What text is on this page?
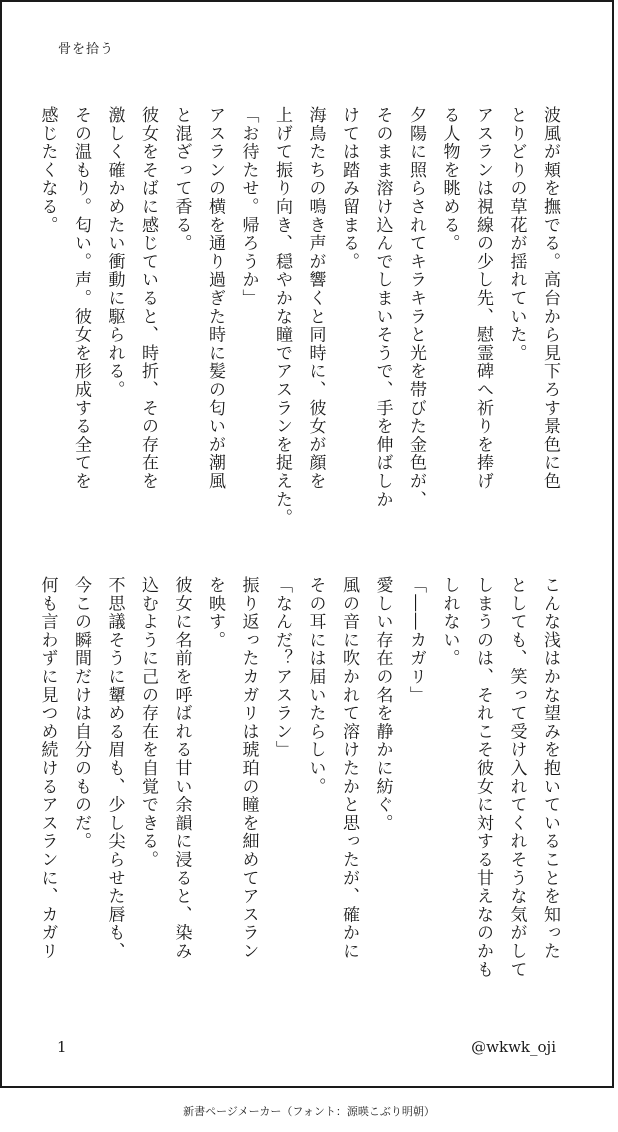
骨を拾う
波風が頬を撫でる。高台から見下ろす景色に色
とりどりの草花が揺れていた。
アスランは視線の少し先、慰霊碑へ祈りを捧げ
る人物を眺める。
夕陽に照らされてキラキラと光を帯びた金色が、
そのまま溶け込んでしまいそうで、手を伸ばしか
けては踏み留まる。
海鳥たちの鳴き声が響くと同時に、彼女が顔を
上げて振り向き、穏やかな瞳でアスランを捉えた。
「お待たせ。帰ろうか」
アスランの横を通り過ぎた時に髪の匂いが潮風
と混ざって香る。
彼女をそばに感じていると、時折、その存在を
激しく確かめたい衝動に駆られる。
その温もり。匂い。声。彼女を形成する全てを
感じたくなる。
こんな浅はかな望みを抱いていることを知った
としても、笑って受け入れてくれそうな気がして
しまうのは、それこそ彼女に対する甘えなのかも
しれない。
「――カガリ」
愛しい存在の名を静かに紡ぐ。
風の音に吹かれて溶けたかと思ったが、確かに
その耳には届いたらしい。
「なんだ？アスラン」
振り返ったカガリは琥珀の瞳を細めてアスラン
を映す。
彼女に名前を呼ばれる甘い余韻に浸ると、染み
込むように己の存在を自覚できる。
不思議そうに顰める眉も、少し尖らせた唇も、
今この瞬間だけは自分のものだ。
何も言わずに見つめ続けるアスランに、カガリ
1	@wkwk_oji
新書ページメーカー（フォント：源暎こぶり明朝）
